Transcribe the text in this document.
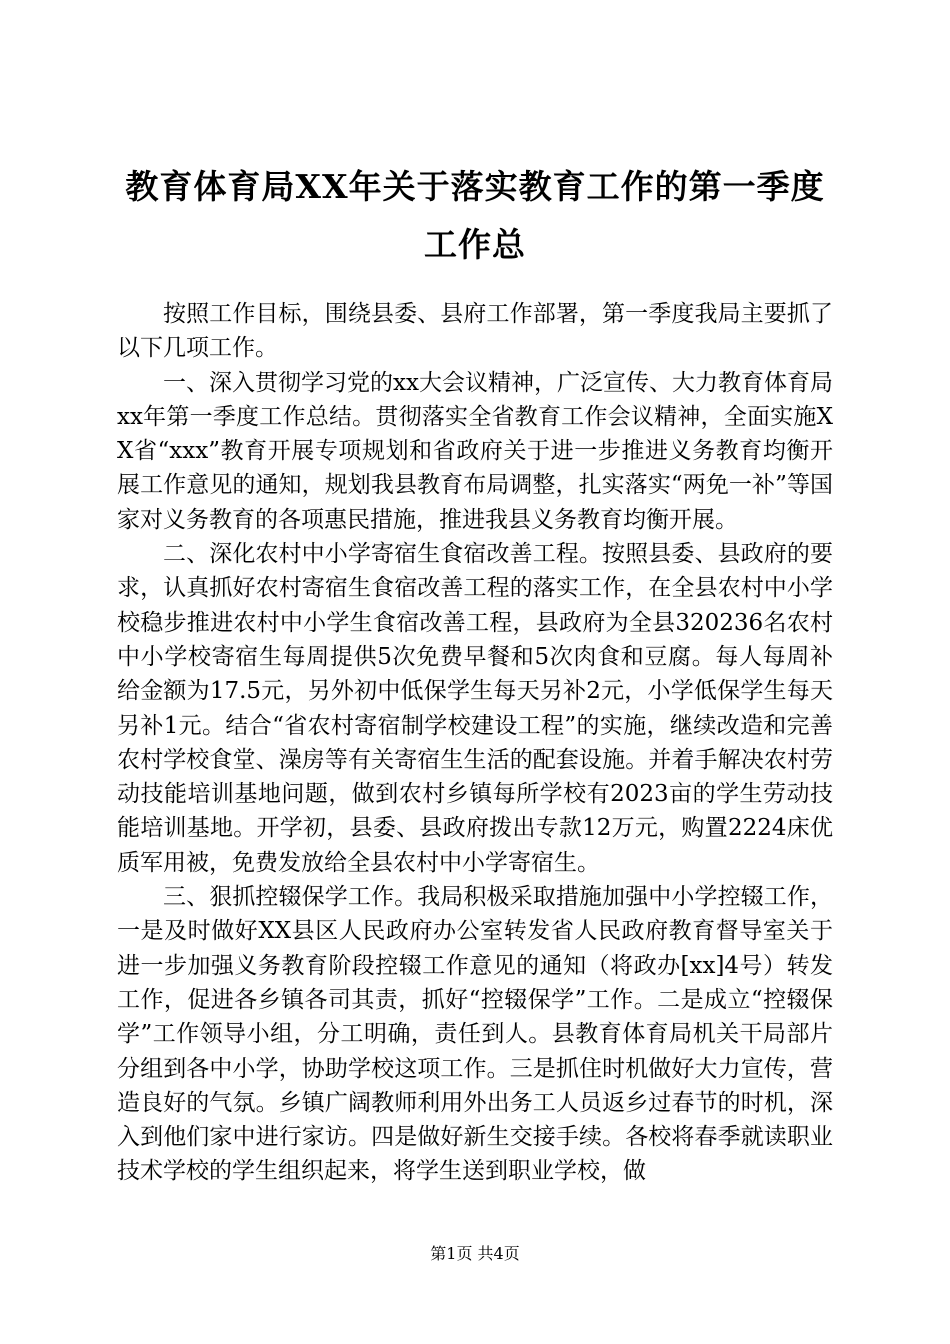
教育体育局XX年关于落实教育工作的第一季度工作总

按照工作目标，围绕县委、县府工作部署，第一季度我局主要抓了以下几项工作。

一、深入贯彻学习党的xx大会议精神，广泛宣传、大力教育体育局xx年第一季度工作总结。贯彻落实全省教育工作会议精神，全面实施XX省“xxx”教育开展专项规划和省政府关于进一步推进义务教育均衡开展工作意见的通知，规划我县教育布局调整，扎实落实“两免一补”等国家对义务教育的各项惠民措施，推进我县义务教育均衡开展。

二、深化农村中小学寄宿生食宿改善工程。按照县委、县政府的要求，认真抓好农村寄宿生食宿改善工程的落实工作，在全县农村中小学校稳步推进农村中小学生食宿改善工程，县政府为全县320236名农村中小学校寄宿生每周提供5次免费早餐和5次肉食和豆腐。每人每周补给金额为17.5元，另外初中低保学生每天另补2元，小学低保学生每天另补1元。结合“省农村寄宿制学校建设工程”的实施，继续改造和完善农村学校食堂、澡房等有关寄宿生生活的配套设施。并着手解决农村劳动技能培训基地问题，做到农村乡镇每所学校有2023亩的学生劳动技能培训基地。开学初，县委、县政府拨出专款12万元，购置2224床优质军用被，免费发放给全县农村中小学寄宿生。

三、狠抓控辍保学工作。我局积极采取措施加强中小学控辍工作，一是及时做好XX县区人民政府办公室转发省人民政府教育督导室关于进一步加强义务教育阶段控辍工作意见的通知（将政办[xx]4号）转发工作，促进各乡镇各司其责，抓好“控辍保学”工作。二是成立“控辍保学”工作领导小组，分工明确，责任到人。县教育体育局机关干局部片分组到各中小学，协助学校这项工作。三是抓住时机做好大力宣传，营造良好的气氛。乡镇广阔教师利用外出务工人员返乡过春节的时机，深入到他们家中进行家访。四是做好新生交接手续。各校将春季就读职业技术学校的学生组织起来，将学生送到职业学校，做

第1页 共4页
